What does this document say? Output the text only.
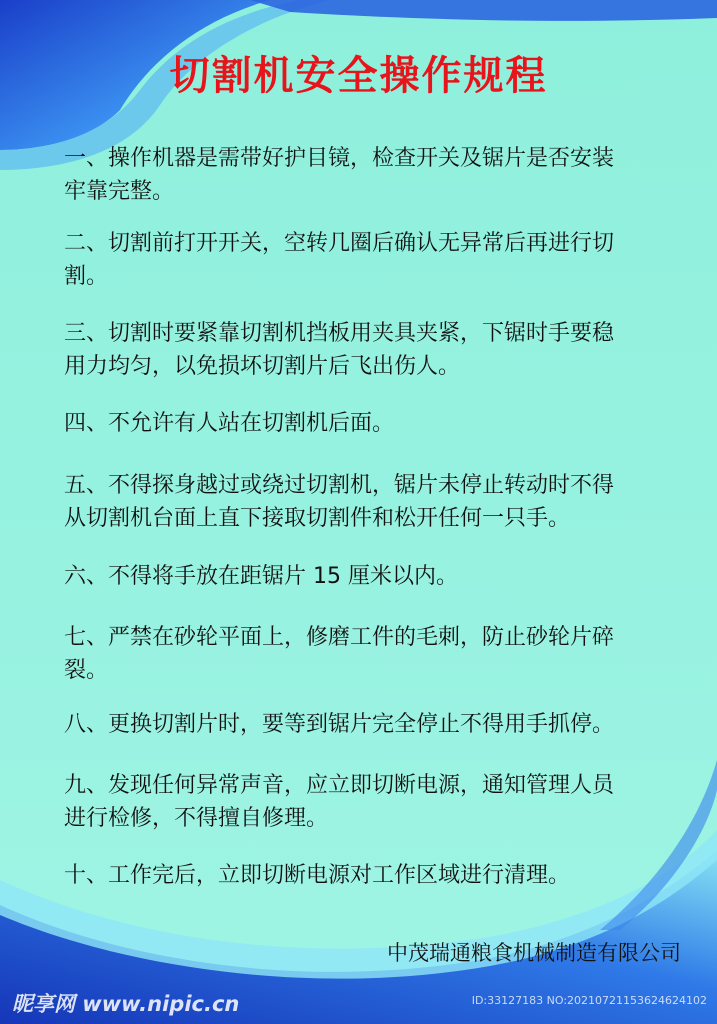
切割机安全操作规程
一、操作机器是需带好护目镜，检查开关及锯片是否安装
牢靠完整。
二、切割前打开开关，空转几圈后确认无异常后再进行切
割。
三、切割时要紧靠切割机挡板用夹具夹紧，下锯时手要稳
用力均匀，以免损坏切割片后飞出伤人。
四、不允许有人站在切割机后面。
五、不得探身越过或绕过切割机，锯片未停止转动时不得
从切割机台面上直下接取切割件和松开任何一只手。
六、不得将手放在距锯片 15 厘米以内。
七、严禁在砂轮平面上，修磨工件的毛刺，防止砂轮片碎
裂。
八、更换切割片时，要等到锯片完全停止不得用手抓停。
九、发现任何异常声音，应立即切断电源，通知管理人员
进行检修，不得擅自修理。
十、工作完后，立即切断电源对工作区域进行清理。

中茂瑞通粮食机械制造有限公司

昵享网 www.nipic.cn	ID:33127183 NO:20210721153624624102
